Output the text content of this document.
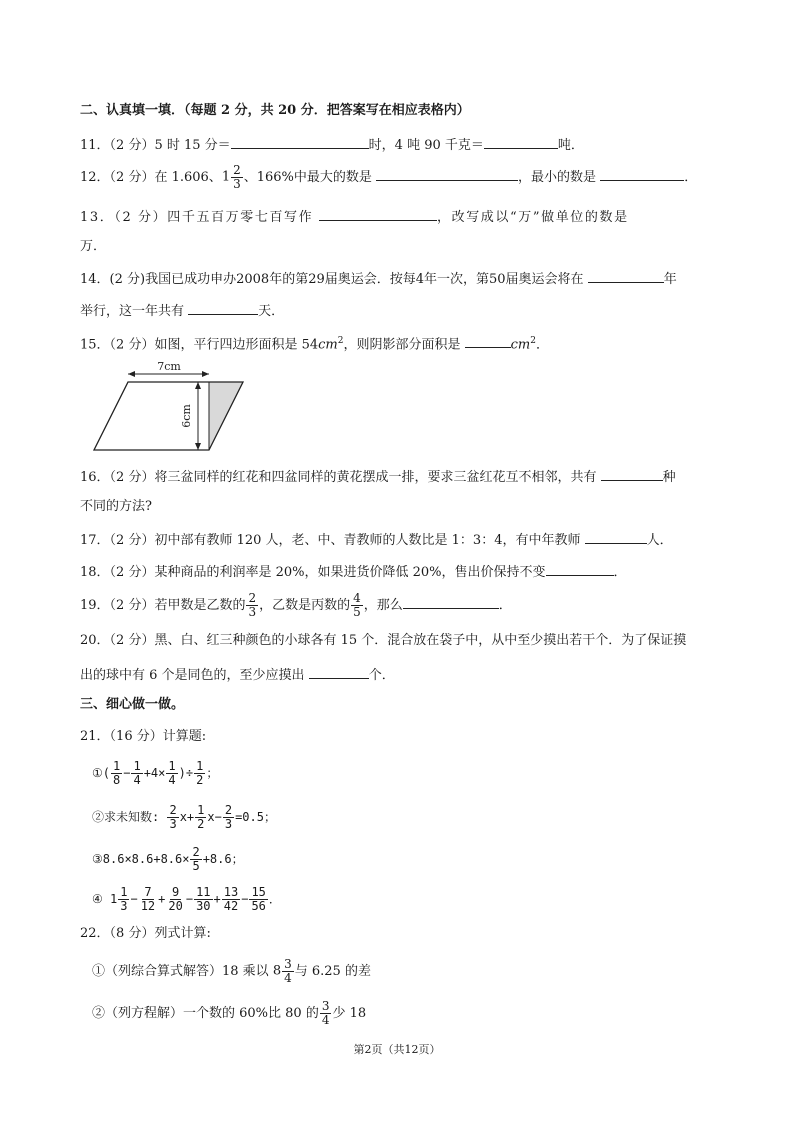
二、认真填一填．（每题 2 分，共 20 分．把答案写在相应表格内）
11．（2 分）5 时 15 分＝	时，4 吨 90 千克＝	吨．
12．（2 分）在 1.606、$1 \frac{2}{3}$ 、166%中最大的数是	，最小的数是	．
13．（2 分）四千五百万零七百写作	，改写成以“万”做单位的数是
万．
14．(2 分)我国已成功申办2008年的第29届奥运会．按每4年一次，第50届奥运会将在	年
举行，这一年共有	天．
15．（2 分）如图，平行四边形面积是 $54cm^2$，则阴影部分面积是	$cm^2$．
7cm
6cm
16．（2 分）将三盆同样的红花和四盆同样的黄花摆成一排，要求三盆红花互不相邻，共有	种
不同的方法?
17．（2 分）初中部有教师 120 人，老、中、青教师的人数比是 1：3：4，有中年教师	人．
18．（2 分）某种商品的利润率是 20%，如果进货价降低 20%，售出价保持不变	．
19．（2 分）若甲数是乙数的 $\frac{2}{3}$ ，乙数是丙数的 $\frac{4}{5}$ ，那么	．
20．（2 分）黑、白、红三种颜色的小球各有 15 个．混合放在袋子中，从中至少摸出若干个．为了保证摸
出的球中有 6 个是同色的，至少应摸出	个．
三、细心做一做。
21．（16 分）计算题:
①( $\frac{1}{8} - \frac{1}{4} +4\times \frac{1}{4}$ )÷ $\frac{1}{2}$ ；
②求未知数: $\frac{2}{3} x+ \frac{1}{2} x- \frac{2}{3} =0.5$；
③8.6×8.6+8.6× $\frac{2}{5} +8.6$；
④ $1 \frac{1}{3} - \frac{7}{12} + \frac{9}{20} - \frac{11}{30} + \frac{13}{42} - \frac{15}{56}$ ．
22．（8 分）列式计算:
①（列综合算式解答）18 乘以 $8 \frac{3}{4}$ 与 6.25 的差
②（列方程解）一个数的 60%比 80 的 $\frac{3}{4}$ 少 18
第2页（共12页）
